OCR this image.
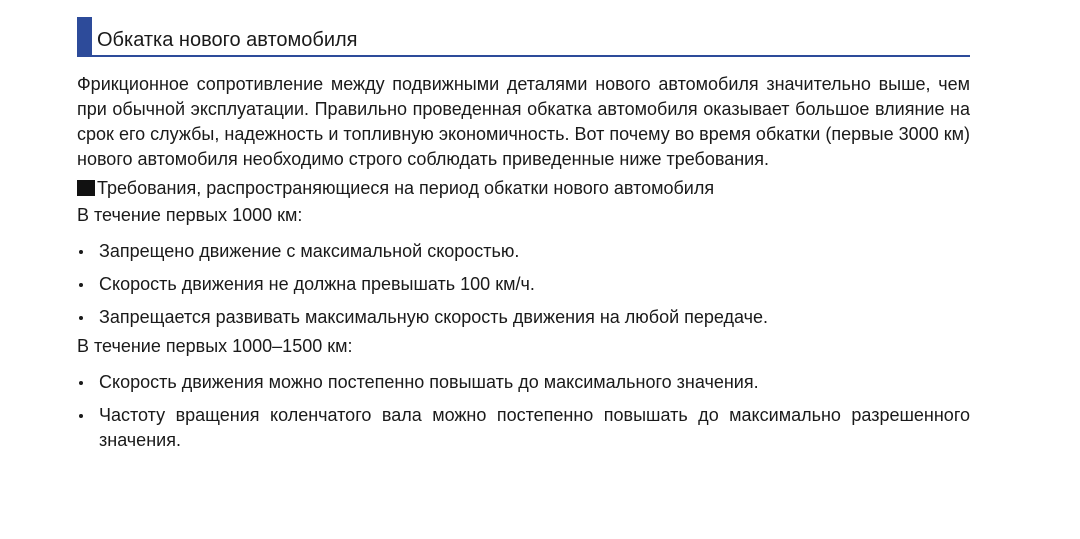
Обкатка нового автомобиля

Фрикционное сопротивление между подвижными деталями нового автомобиля значительно выше, чем при обычной эксплуатации. Правильно проведенная обкатка автомобиля оказывает большое влияние на срок его службы, надежность и топливную экономичность. Вот почему во время обкатки (первые 3000 км) нового автомобиля необходимо строго соблюдать приведенные ниже требования.

Требования, распространяющиеся на период обкатки нового автомобиля
В течение первых 1000 км:
Запрещено движение с максимальной скоростью.
Скорость движения не должна превышать 100 км/ч.
Запрещается развивать максимальную скорость движения на любой передаче.
В течение первых 1000–1500 км:
Скорость движения можно постепенно повышать до максимального значения.
Частоту вращения коленчатого вала можно постепенно повышать до максимально разрешенного значения.
